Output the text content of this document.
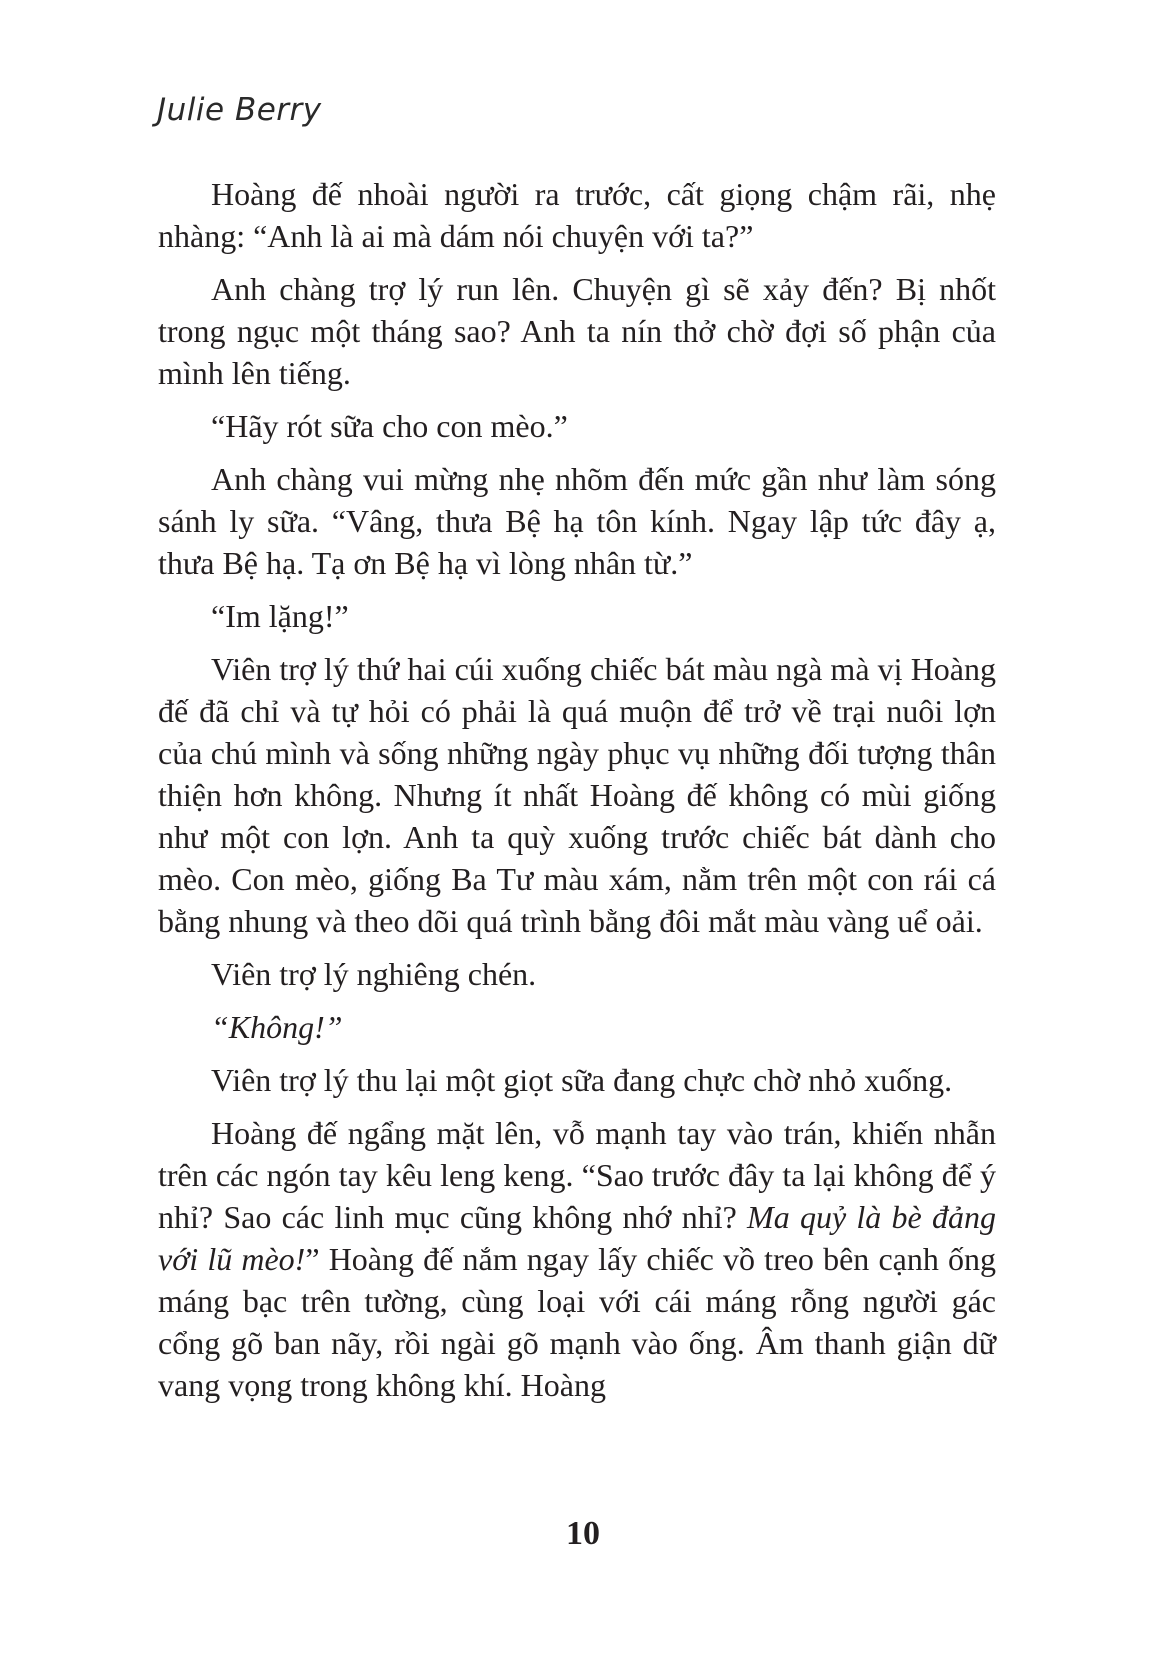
Julie Berry

Hoàng đế nhoài người ra trước, cất giọng chậm rãi, nhẹ nhàng: “Anh là ai mà dám nói chuyện với ta?”

Anh chàng trợ lý run lên. Chuyện gì sẽ xảy đến? Bị nhốt trong ngục một tháng sao? Anh ta nín thở chờ đợi số phận của mình lên tiếng.

“Hãy rót sữa cho con mèo.”

Anh chàng vui mừng nhẹ nhõm đến mức gần như làm sóng sánh ly sữa. “Vâng, thưa Bệ hạ tôn kính. Ngay lập tức đây ạ, thưa Bệ hạ. Tạ ơn Bệ hạ vì lòng nhân từ.”

“Im lặng!”

Viên trợ lý thứ hai cúi xuống chiếc bát màu ngà mà vị Hoàng đế đã chỉ và tự hỏi có phải là quá muộn để trở về trại nuôi lợn của chú mình và sống những ngày phục vụ những đối tượng thân thiện hơn không. Nhưng ít nhất Hoàng đế không có mùi giống như một con lợn. Anh ta quỳ xuống trước chiếc bát dành cho mèo. Con mèo, giống Ba Tư màu xám, nằm trên một con rái cá bằng nhung và theo dõi quá trình bằng đôi mắt màu vàng uể oải.

Viên trợ lý nghiêng chén.

“Không!”

Viên trợ lý thu lại một giọt sữa đang chực chờ nhỏ xuống.

Hoàng đế ngẩng mặt lên, vỗ mạnh tay vào trán, khiến nhẫn trên các ngón tay kêu leng keng. “Sao trước đây ta lại không để ý nhỉ? Sao các linh mục cũng không nhớ nhỉ? Ma quỷ là bè đảng với lũ mèo!” Hoàng đế nắm ngay lấy chiếc vồ treo bên cạnh ống máng bạc trên tường, cùng loại với cái máng rỗng người gác cổng gõ ban nãy, rồi ngài gõ mạnh vào ống. Âm thanh giận dữ vang vọng trong không khí. Hoàng

10
